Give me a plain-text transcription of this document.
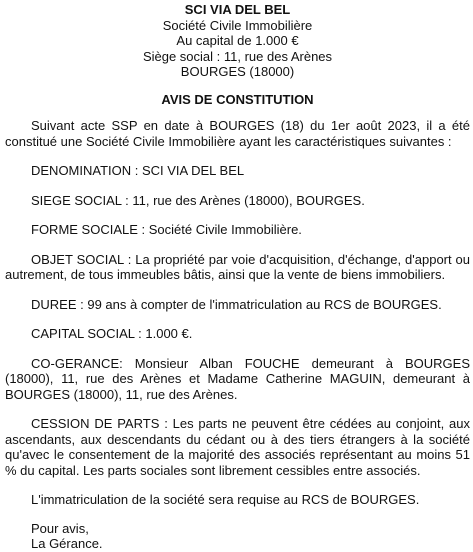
SCI VIA DEL BEL
Société Civile Immobilière
Au capital de 1.000 €
Siège social : 11, rue des Arènes
BOURGES (18000)
AVIS DE CONSTITUTION

Suivant acte SSP en date à BOURGES (18) du 1er août 2023, il a été constitué une Société Civile Immobilière ayant les caractéristiques suivantes :

DENOMINATION : SCI VIA DEL BEL

SIEGE SOCIAL : 11, rue des Arènes (18000), BOURGES.

FORME SOCIALE : Société Civile Immobilière.

OBJET SOCIAL : La propriété par voie d'acquisition, d'échange, d'apport ou autrement, de tous immeubles bâtis, ainsi que la vente de biens immobiliers.

DUREE : 99 ans à compter de l'immatriculation au RCS de BOURGES.

CAPITAL SOCIAL : 1.000 €.

CO-GERANCE: Monsieur Alban FOUCHE demeurant à BOURGES (18000), 11, rue des Arènes et Madame Catherine MAGUIN, demeurant à BOURGES (18000), 11, rue des Arènes.

CESSION DE PARTS : Les parts ne peuvent être cédées au conjoint, aux ascendants, aux descendants du cédant ou à des tiers étrangers à la société qu'avec le consentement de la majorité des associés représentant au moins 51 % du capital. Les parts sociales sont librement cessibles entre associés.

L'immatriculation de la société sera requise au RCS de BOURGES.

Pour avis,
La Gérance.
